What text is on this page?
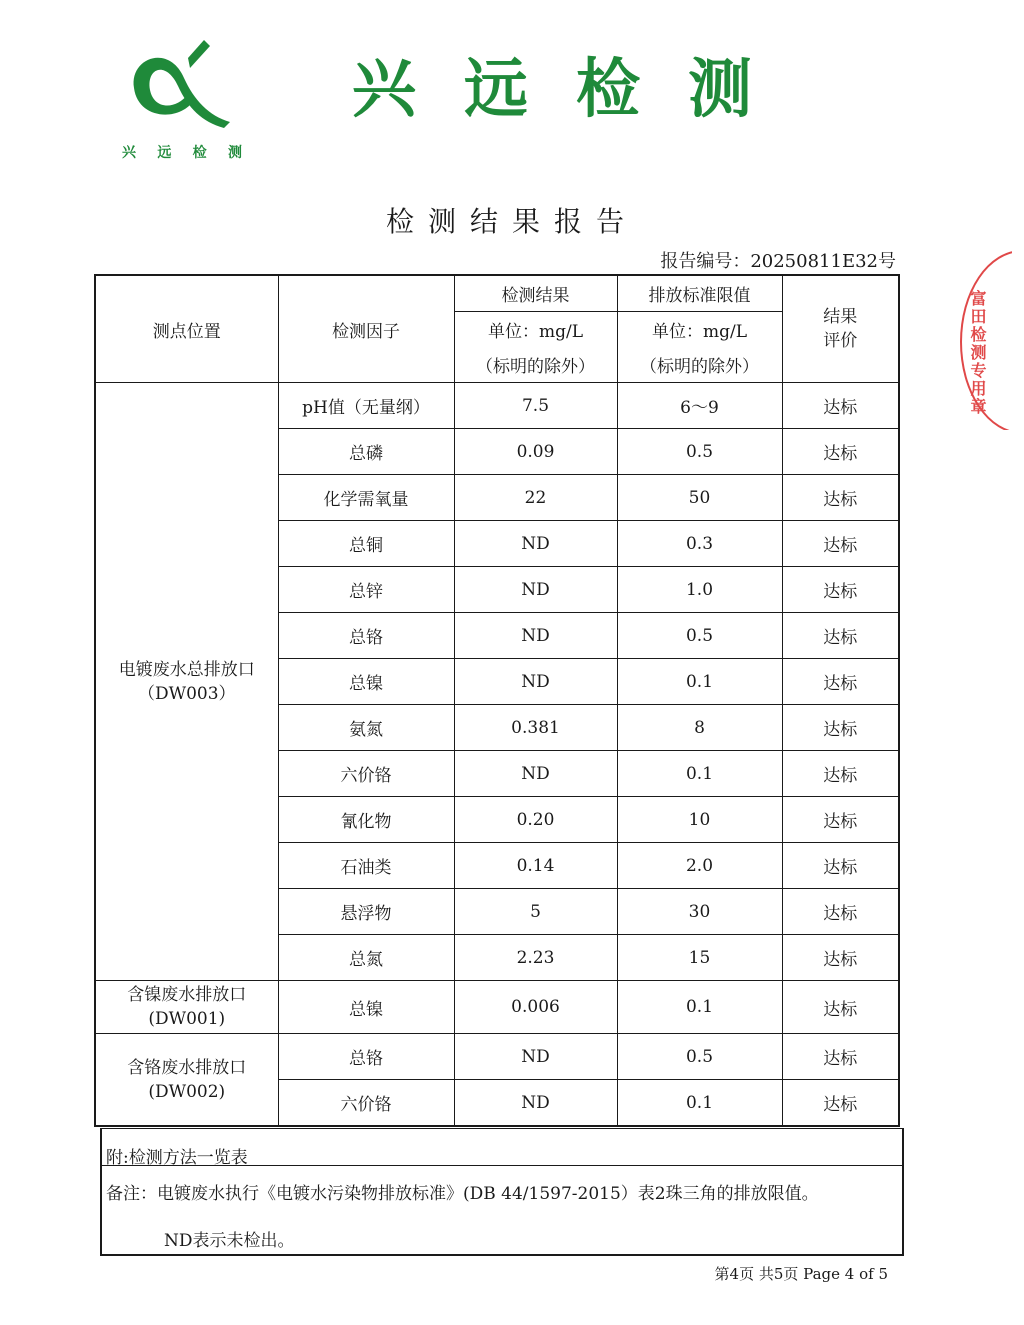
兴 远 检 测
兴 远 检 测
检测结果报告
报告编号：20250811E32号
富田检测专用章
测点位置	检测因子	检测结果	排放标准限值	结果评价

		单位：mg/L	单位：mg/L	
		（标明的除外）	（标明的除外）	

电镀废水总排放口
（DW003）	pH值（无量纲）	7.5	6～9	达标
	总磷	0.09	0.5	达标
	化学需氧量	22	50	达标
	总铜	ND	0.3	达标
	总锌	ND	1.0	达标
	总铬	ND	0.5	达标
	总镍	ND	0.1	达标
	氨氮	0.381	8	达标
	六价铬	ND	0.1	达标
	氰化物	0.20	10	达标
	石油类	0.14	2.0	达标
	悬浮物	5	30	达标
	总氮	2.23	15	达标

含镍废水排放口
(DW001)	总镍	0.006	0.1	达标

含铬废水排放口
(DW002)	总铬	ND	0.5	达标
	六价铬	ND	0.1	达标
附:检测方法一览表
备注：电镀废水执行《电镀水污染物排放标准》(DB 44/1597-2015）表2珠三角的排放限值。
ND表示未检出。
第4页 共5页 Page 4 of 5
